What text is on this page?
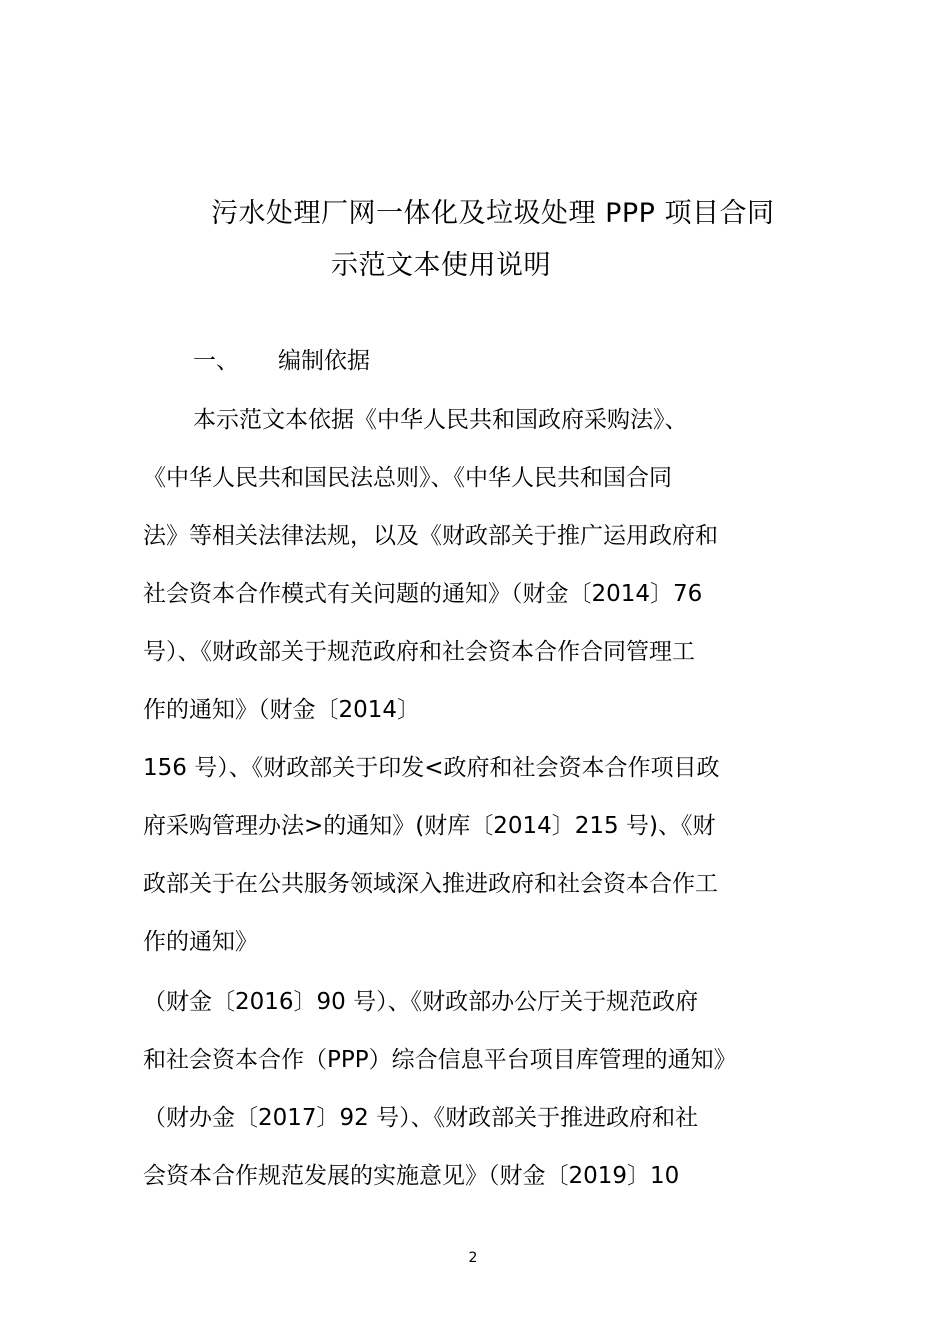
污水处理厂网一体化及垃圾处理 PPP 项目合同
示范文本使用说明
一、 编制依据
本示范文本依据《中华人民共和国政府采购法》、
《中华人民共和国民法总则》、《中华人民共和国合同
法》等相关法律法规，以及《财政部关于推广运用政府和
社会资本合作模式有关问题的通知》（财金〔2014〕76
号）、《财政部关于规范政府和社会资本合作合同管理工
作的通知》（财金〔2014〕
156 号）、《财政部关于印发<政府和社会资本合作项目政
府采购管理办法>的通知》(财库〔2014〕215 号)、《财
政部关于在公共服务领域深入推进政府和社会资本合作工
作的通知》
（财金〔2016〕90 号）、《财政部办公厅关于规范政府
和社会资本合作（PPP）综合信息平台项目库管理的通知》
（财办金〔2017〕92 号）、《财政部关于推进政府和社
会资本合作规范发展的实施意见》（财金〔2019〕10
2
